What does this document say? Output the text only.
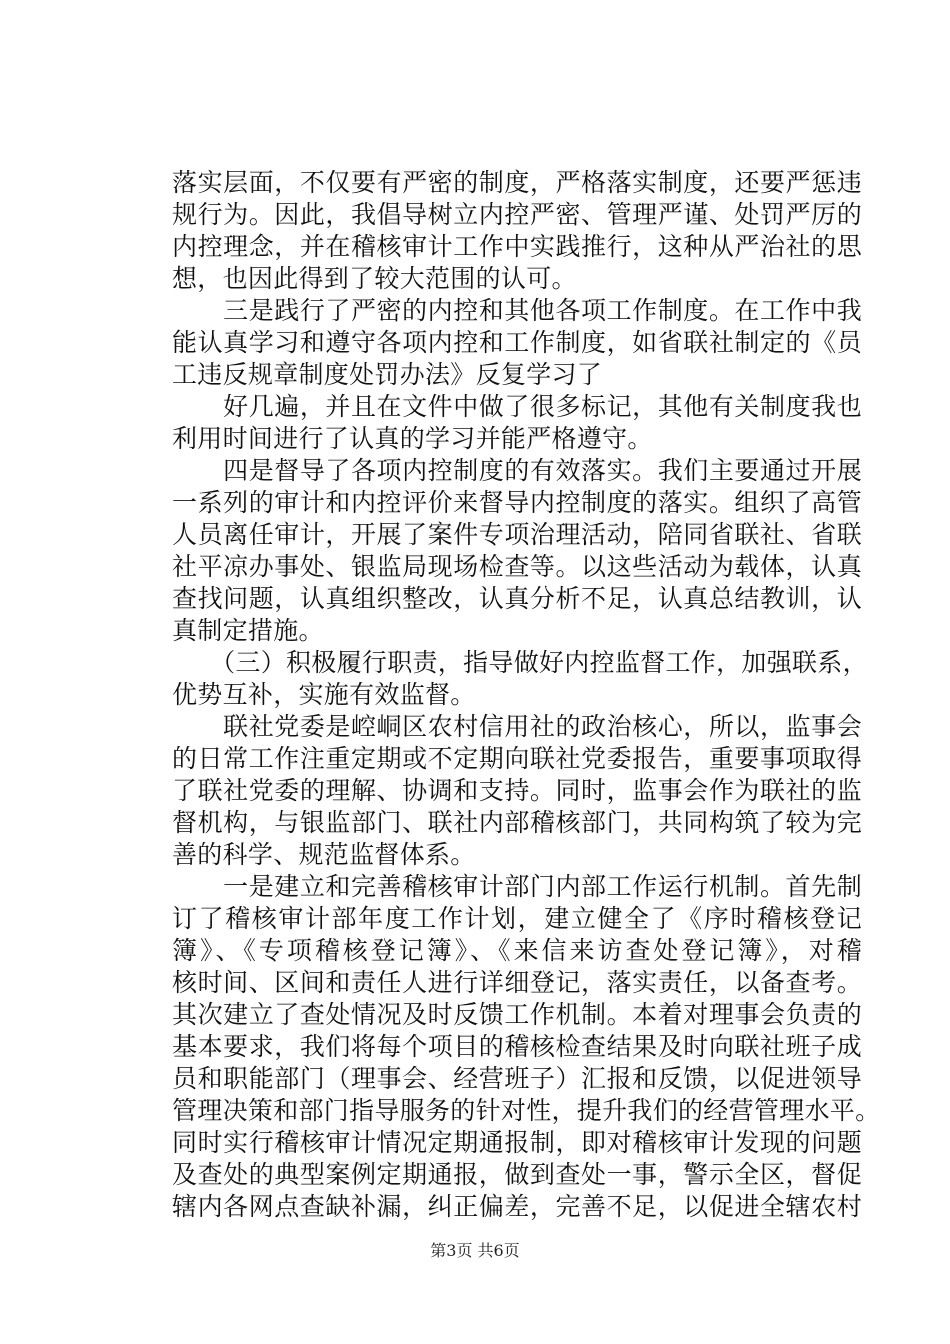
落实层面，不仅要有严密的制度，严格落实制度，还要严惩违
规行为。因此，我倡导树立内控严密、管理严谨、处罚严厉的
内控理念，并在稽核审计工作中实践推行，这种从严治社的思
想，也因此得到了较大范围的认可。
　　三是践行了严密的内控和其他各项工作制度。在工作中我
能认真学习和遵守各项内控和工作制度，如省联社制定的《员
工违反规章制度处罚办法》反复学习了
　　好几遍，并且在文件中做了很多标记，其他有关制度我也
利用时间进行了认真的学习并能严格遵守。
　　四是督导了各项内控制度的有效落实。我们主要通过开展
一系列的审计和内控评价来督导内控制度的落实。组织了高管
人员离任审计，开展了案件专项治理活动，陪同省联社、省联
社平凉办事处、银监局现场检查等。以这些活动为载体，认真
查找问题，认真组织整改，认真分析不足，认真总结教训，认
真制定措施。
　　（三）积极履行职责，指导做好内控监督工作，加强联系，
优势互补，实施有效监督。
　　联社党委是崆峒区农村信用社的政治核心，所以，监事会
的日常工作注重定期或不定期向联社党委报告，重要事项取得
了联社党委的理解、协调和支持。同时，监事会作为联社的监
督机构，与银监部门、联社内部稽核部门，共同构筑了较为完
善的科学、规范监督体系。
　　一是建立和完善稽核审计部门内部工作运行机制。首先制
订了稽核审计部年度工作计划，建立健全了《序时稽核登记
簿》、《专项稽核登记簿》、《来信来访查处登记簿》，对稽
核时间、区间和责任人进行详细登记，落实责任，以备查考。
其次建立了查处情况及时反馈工作机制。本着对理事会负责的
基本要求，我们将每个项目的稽核检查结果及时向联社班子成
员和职能部门（理事会、经营班子）汇报和反馈，以促进领导
管理决策和部门指导服务的针对性，提升我们的经营管理水平。
同时实行稽核审计情况定期通报制，即对稽核审计发现的问题
及查处的典型案例定期通报，做到查处一事，警示全区，督促
辖内各网点查缺补漏，纠正偏差，完善不足，以促进全辖农村
第3页 共6页
